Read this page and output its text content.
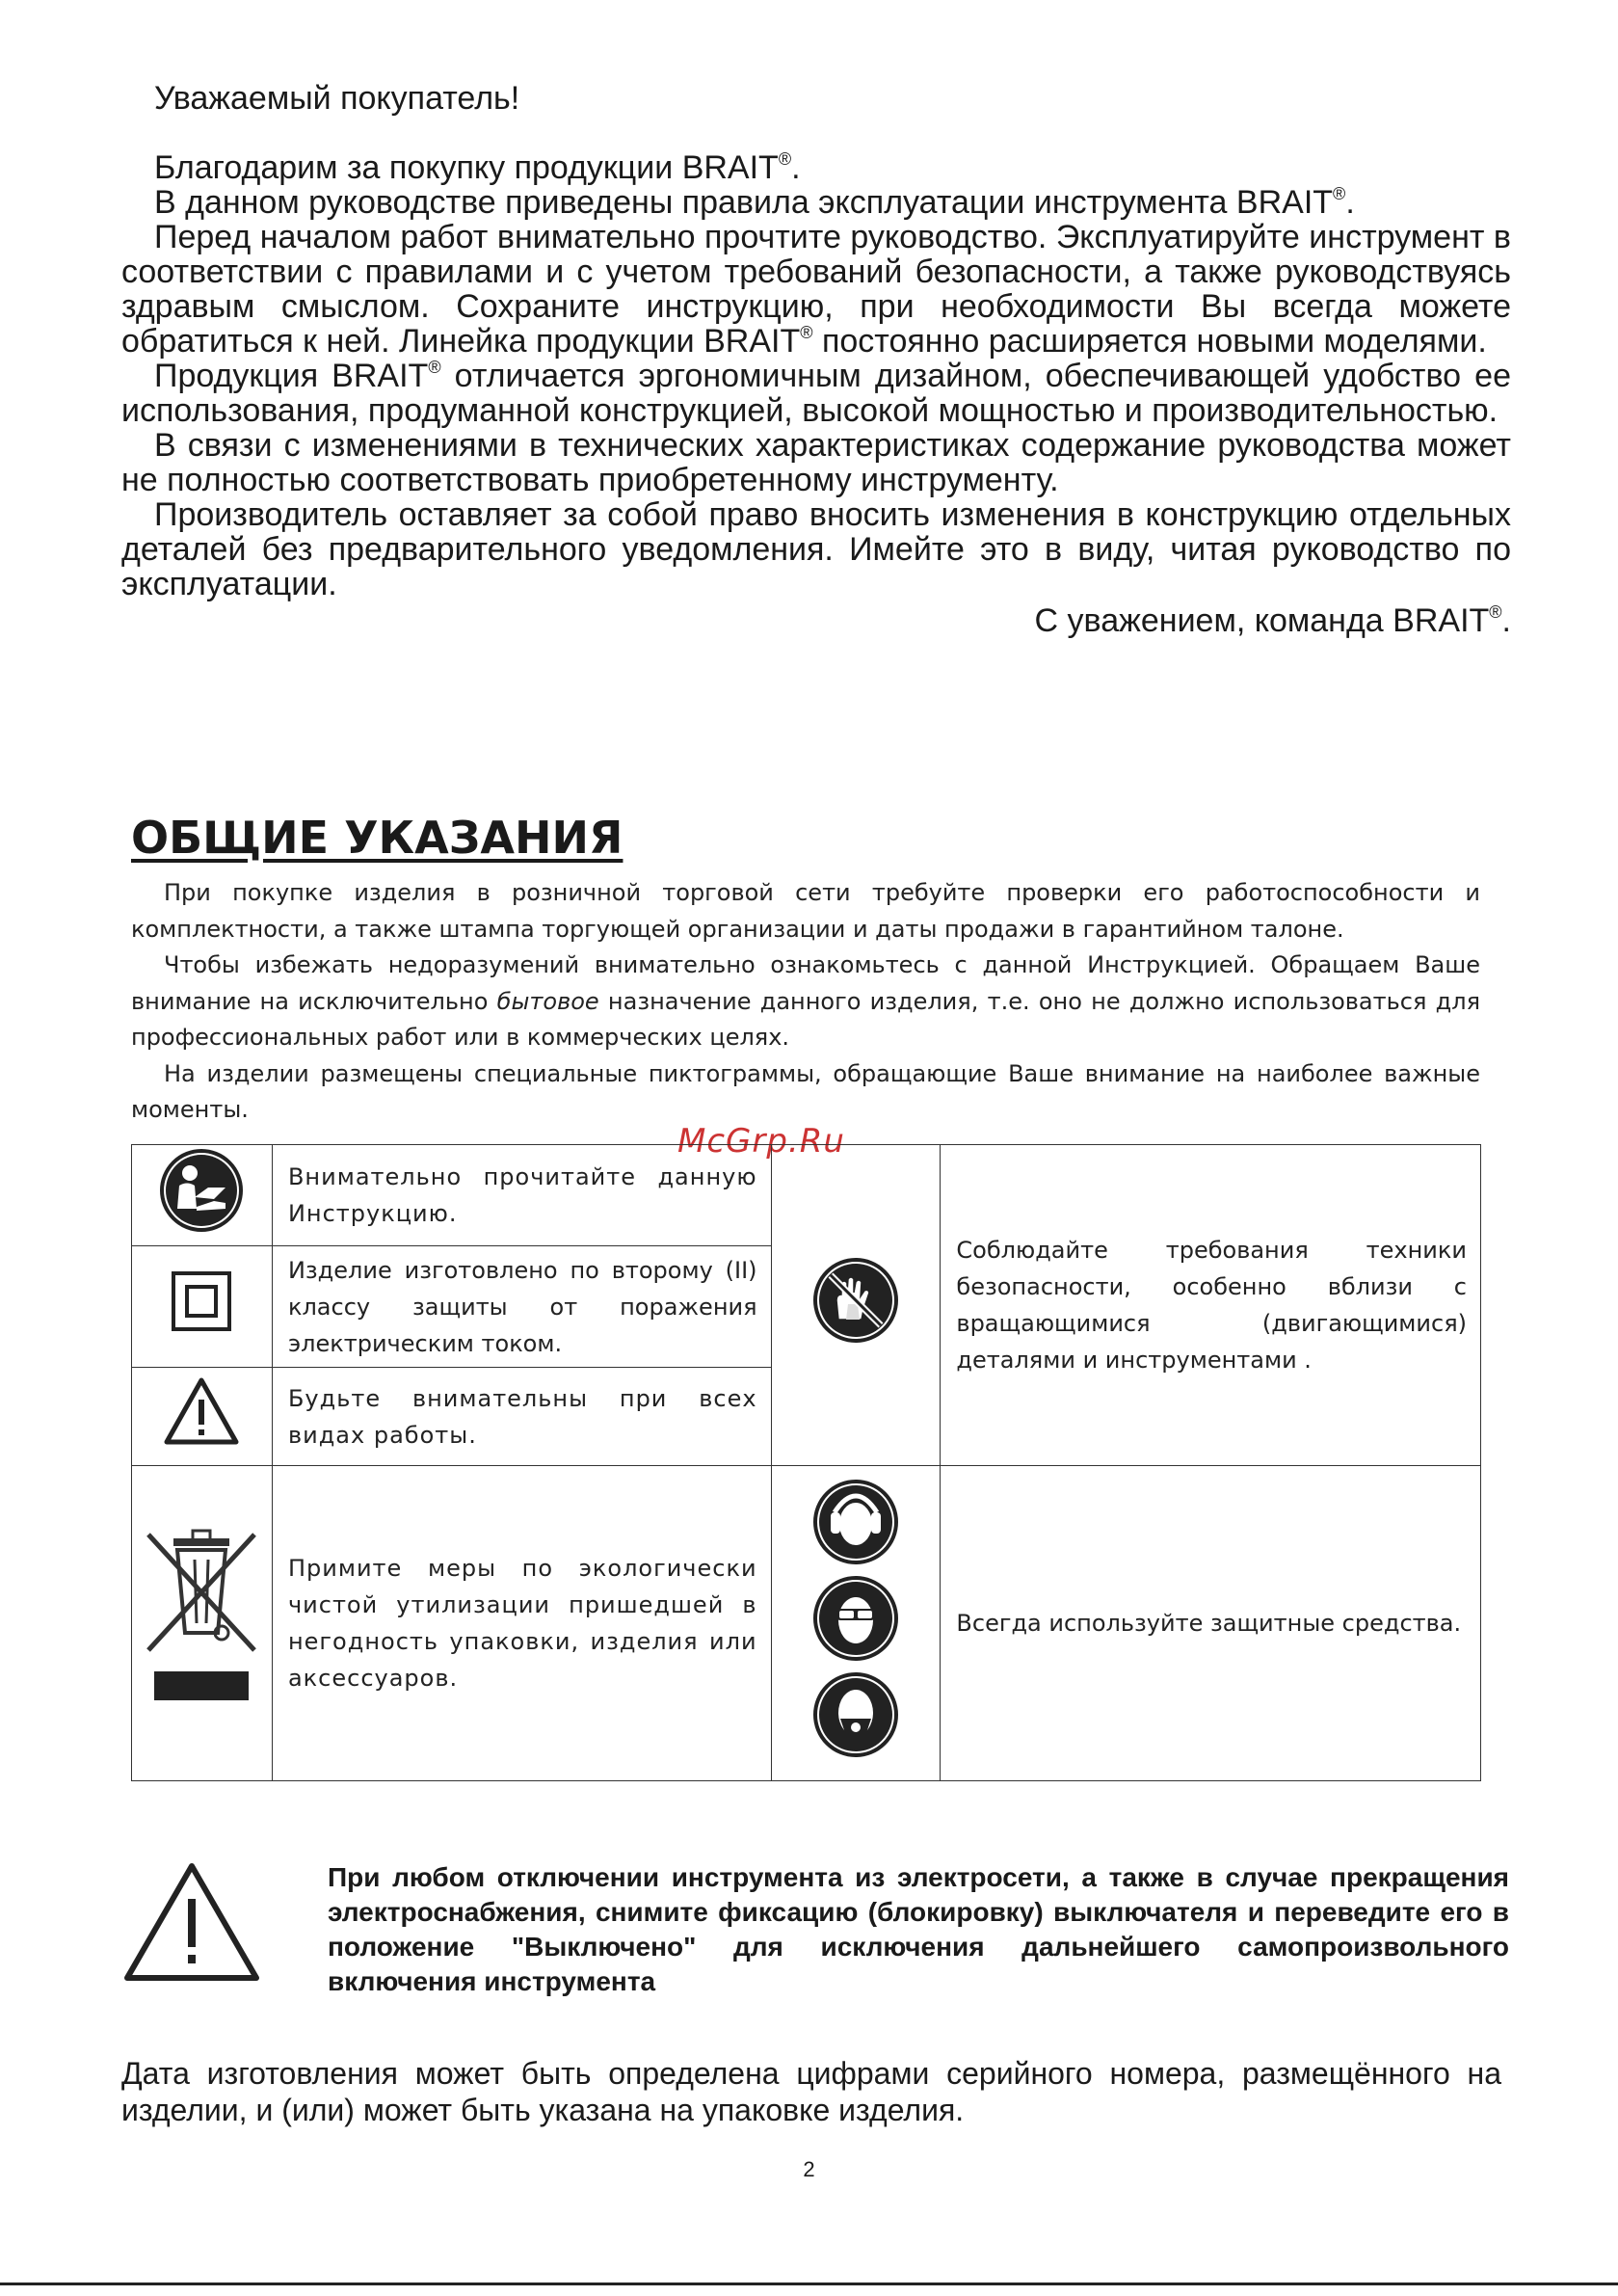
Уважаемый покупатель!

Благодарим за покупку продукции BRAIT®.

В данном руководстве приведены правила эксплуатации инструмента BRAIT®.

Перед началом работ внимательно прочтите руководство. Эксплуатируйте инструмент в соответствии с правилами и с учетом требований безопасности, а также руководствуясь здравым смыслом. Сохраните инструкцию, при необходимости Вы всегда можете обратиться к ней. Линейка продукции BRAIT® постоянно расширяется новыми моделями.

Продукция BRAIT® отличается эргономичным дизайном, обеспечивающей удобство ее использования, продуманной конструкцией, высокой мощностью и производительностью.

В связи с изменениями в технических характеристиках содержание руководства может не полностью соответствовать приобретенному инструменту.

Производитель оставляет за собой право вносить изменения в конструкцию отдельных деталей без предварительного уведомления. Имейте это в виду, читая руководство по эксплуатации.

С уважением, команда BRAIT®.

ОБЩИЕ УКАЗАНИЯ

При покупке изделия в розничной торговой сети требуйте проверки его работоспособности и комплектности, а также штампа торгующей организации и даты продажи в гарантийном талоне.

Чтобы избежать недоразумений внимательно ознакомьтесь с данной Инструкцией. Обращаем Ваше внимание на исключительно бытовое назначение данного изделия, т.е. оно не должно использоваться для профессиональных работ или в коммерческих целях.

На изделии размещены специальные пиктограммы, обращающие Ваше внимание на наиболее важные моменты.

McGrp.Ru
	Внимательно прочитайте данную Инструкцию.		Соблюдайте требования техники безопасности, особенно вблизи с вращающимися (двигающимися) деталями и инструментами .
	Изделие изготовлено по второму (II) классу защиты от поражения электрическим током.		
	Будьте внимательны при всех видах работы.		
	Примите меры по экологически чистой утилизации пришедшей в негодность упаковки, изделия или аксессуаров.		Всегда используйте защитные средства.
При любом отключении инструмента из электросети, а также в случае прекращения электроснабжения, снимите фиксацию (блокировку) выключателя и переведите его в положение "Выключено" для исключения дальнейшего самопроизвольного включения инструмента

Дата изготовления может быть определена цифрами серийного номера, размещённого на изделии, и (или) может быть указана на упаковке изделия.

2
